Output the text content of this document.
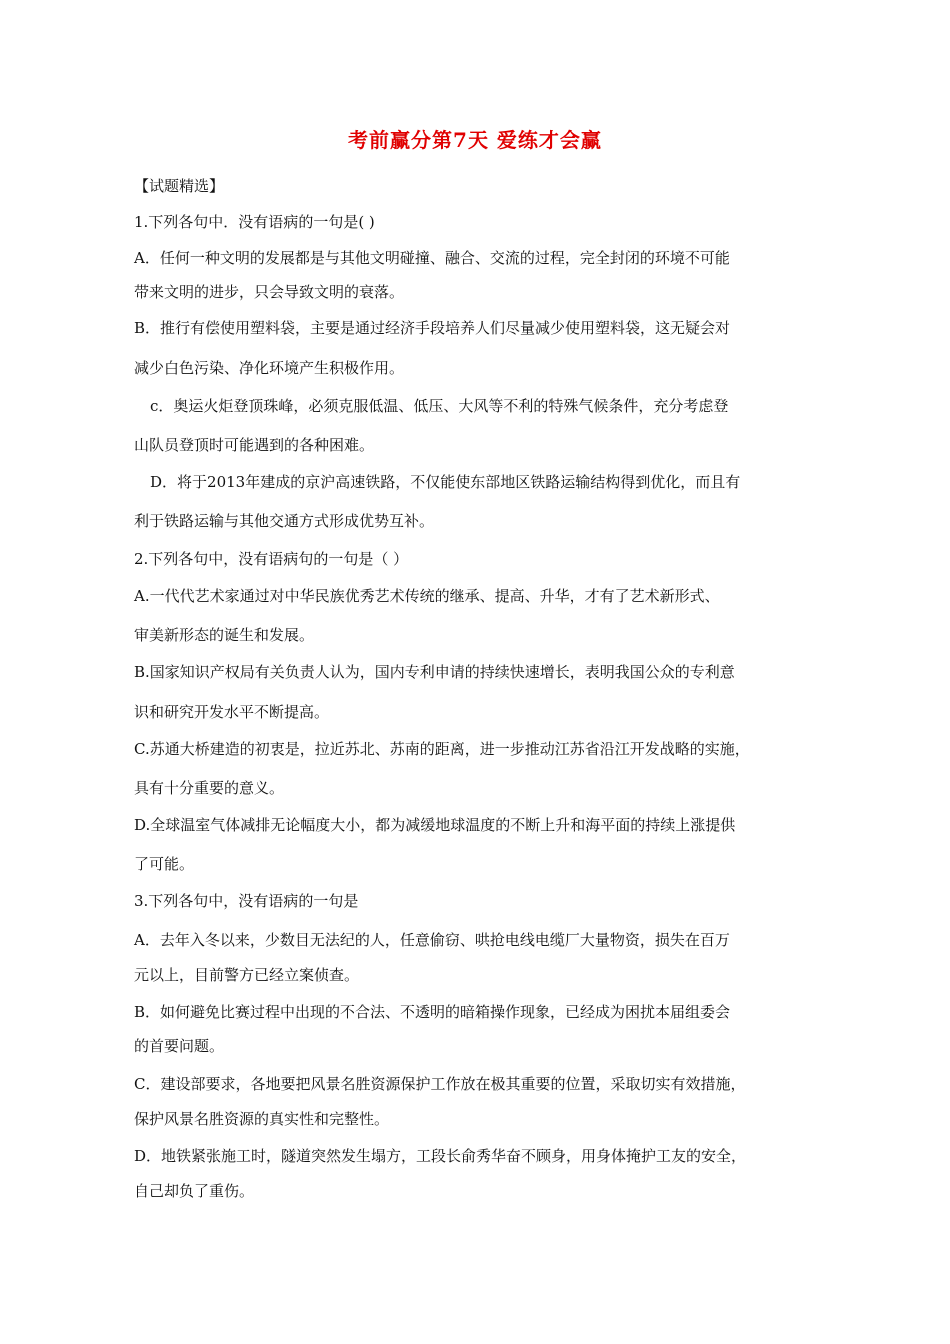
考前赢分第7天 爱练才会赢
【试题精选】
1.下列各句中．没有语病的一句是( )
A．任何一种文明的发展都是与其他文明碰撞、融合、交流的过程，完全封闭的环境不可能
带来文明的进步，只会导致文明的衰落。
B．推行有偿使用塑料袋，主要是通过经济手段培养人们尽量减少使用塑料袋，这无疑会对
减少白色污染、净化环境产生积极作用。
c．奥运火炬登顶珠峰，必须克服低温、低压、大风等不利的特殊气候条件，充分考虑登
山队员登顶时可能遇到的各种困难。
D．将于2013年建成的京沪高速铁路，不仅能使东部地区铁路运输结构得到优化，而且有
利于铁路运输与其他交通方式形成优势互补。
2.下列各句中，没有语病句的一句是（ ）
A.一代代艺术家通过对中华民族优秀艺术传统的继承、提高、升华，才有了艺术新形式、
审美新形态的诞生和发展。
B.国家知识产权局有关负责人认为，国内专利申请的持续快速增长，表明我国公众的专利意
识和研究开发水平不断提高。
C.苏通大桥建造的初衷是，拉近苏北、苏南的距离，进一步推动江苏省沿江开发战略的实施，
具有十分重要的意义。
D.全球温室气体减排无论幅度大小，都为减缓地球温度的不断上升和海平面的持续上涨提供
了可能。
3.下列各句中，没有语病的一句是
A．去年入冬以来，少数目无法纪的人，任意偷窃、哄抢电线电缆厂大量物资，损失在百万
元以上，目前警方已经立案侦查。
B．如何避免比赛过程中出现的不合法、不透明的暗箱操作现象，已经成为困扰本届组委会
的首要问题。
C．建设部要求，各地要把风景名胜资源保护工作放在极其重要的位置，采取切实有效措施，
保护风景名胜资源的真实性和完整性。
D．地铁紧张施工时，隧道突然发生塌方，工段长俞秀华奋不顾身，用身体掩护工友的安全，
自己却负了重伤。
